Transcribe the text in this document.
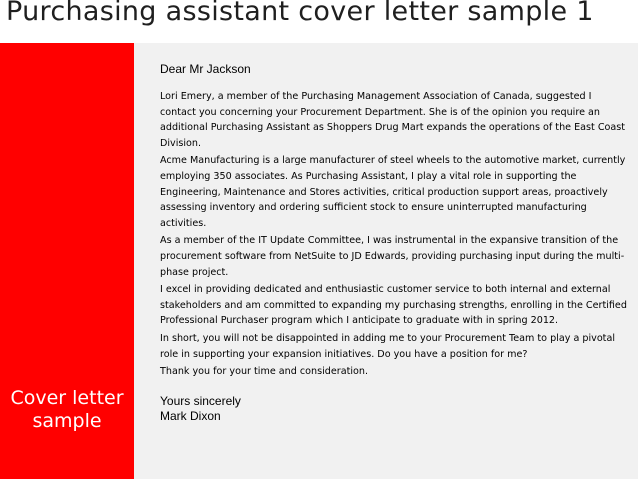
Purchasing assistant cover letter sample 1
Cover letter
sample
Dear Mr Jackson

Lori Emery, a member of the Purchasing Management Association of Canada, suggested I contact you concerning your Procurement Department. She is of the opinion you require an additional Purchasing Assistant as Shoppers Drug Mart expands the operations of the East Coast Division.

Acme Manufacturing is a large manufacturer of steel wheels to the automotive market, currently employing 350 associates. As Purchasing Assistant, I play a vital role in supporting the Engineering, Maintenance and Stores activities, critical production support areas, proactively assessing inventory and ordering sufficient stock to ensure uninterrupted manufacturing activities.

As a member of the IT Update Committee, I was instrumental in the expansive transition of the procurement software from NetSuite to JD Edwards, providing purchasing input during the multi-phase project.

I excel in providing dedicated and enthusiastic customer service to both internal and external stakeholders and am committed to expanding my purchasing strengths, enrolling in the Certified Professional Purchaser program which I anticipate to graduate with in spring 2012.

In short, you will not be disappointed in adding me to your Procurement Team to play a pivotal role in supporting your expansion initiatives. Do you have a position for me?

Thank you for your time and consideration.

Yours sincerely
Mark Dixon
